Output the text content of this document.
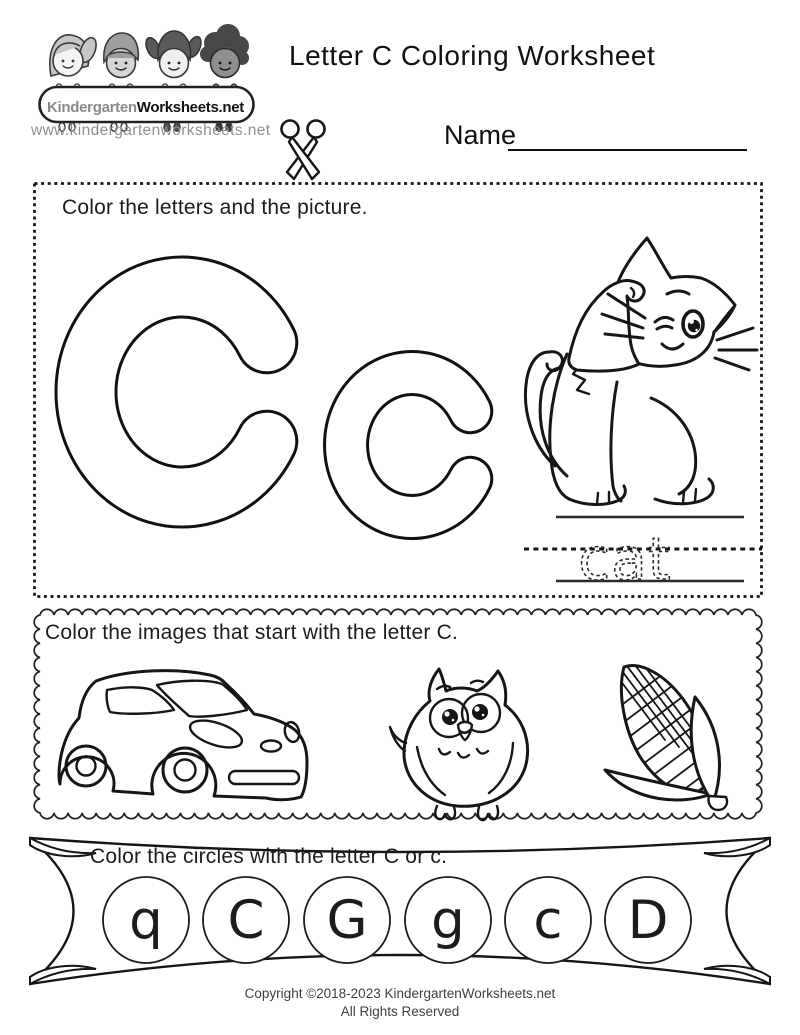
KindergartenWorksheets.net
www.kindergartenworksheets.net
Letter C Coloring Worksheet
Name
Color the letters and the picture.
cat
Color the images that start with the letter C.
q C G g c D
Color the circles with the letter C or c.
Copyright ©2018-2023 KindergartenWorksheets.net
All Rights Reserved
